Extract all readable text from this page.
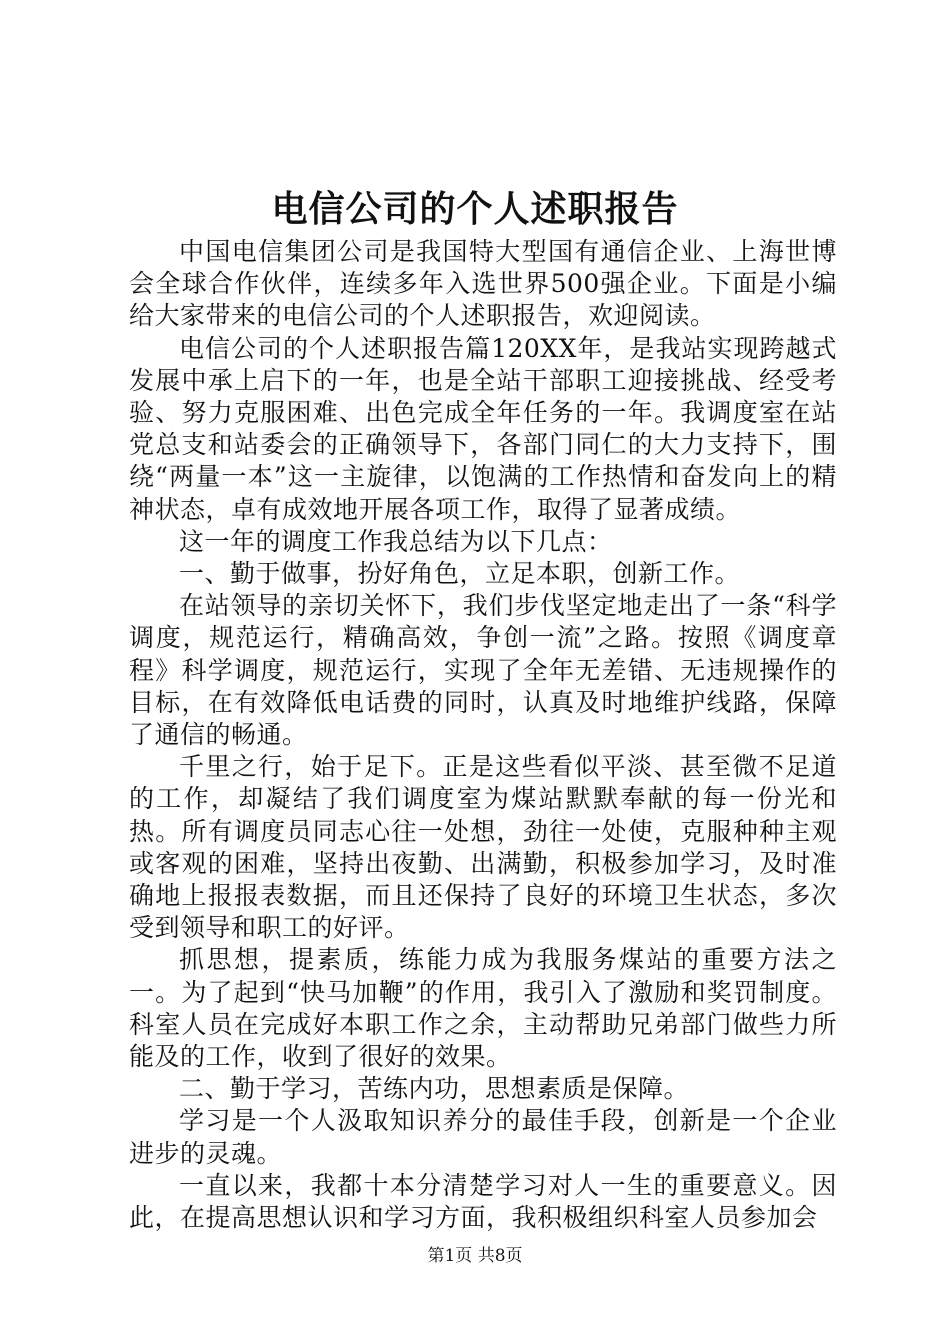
电信公司的个人述职报告

中国电信集团公司是我国特大型国有通信企业、上海世博会全球合作伙伴，连续多年入选世界500强企业。下面是小编给大家带来的电信公司的个人述职报告，欢迎阅读。

电信公司的个人述职报告篇120XX年，是我站实现跨越式发展中承上启下的一年，也是全站干部职工迎接挑战、经受考验、努力克服困难、出色完成全年任务的一年。我调度室在站党总支和站委会的正确领导下，各部门同仁的大力支持下，围绕“两量一本”这一主旋律，以饱满的工作热情和奋发向上的精神状态，卓有成效地开展各项工作，取得了显著成绩。

这一年的调度工作我总结为以下几点：

一、勤于做事，扮好角色，立足本职，创新工作。

在站领导的亲切关怀下，我们步伐坚定地走出了一条“科学调度，规范运行，精确高效，争创一流”之路。按照《调度章程》科学调度，规范运行，实现了全年无差错、无违规操作的目标，在有效降低电话费的同时，认真及时地维护线路，保障了通信的畅通。

千里之行，始于足下。正是这些看似平淡、甚至微不足道的工作，却凝结了我们调度室为煤站默默奉献的每一份光和热。所有调度员同志心往一处想，劲往一处使，克服种种主观或客观的困难，坚持出夜勤、出满勤，积极参加学习，及时准确地上报报表数据，而且还保持了良好的环境卫生状态，多次受到领导和职工的好评。

抓思想，提素质，练能力成为我服务煤站的重要方法之一。为了起到“快马加鞭”的作用，我引入了激励和奖罚制度。科室人员在完成好本职工作之余，主动帮助兄弟部门做些力所能及的工作，收到了很好的效果。

二、勤于学习，苦练内功，思想素质是保障。

学习是一个人汲取知识养分的最佳手段，创新是一个企业进步的灵魂。

一直以来，我都十本分清楚学习对人一生的重要意义。因此，在提高思想认识和学习方面，我积极组织科室人员参加会

第1页 共8页
